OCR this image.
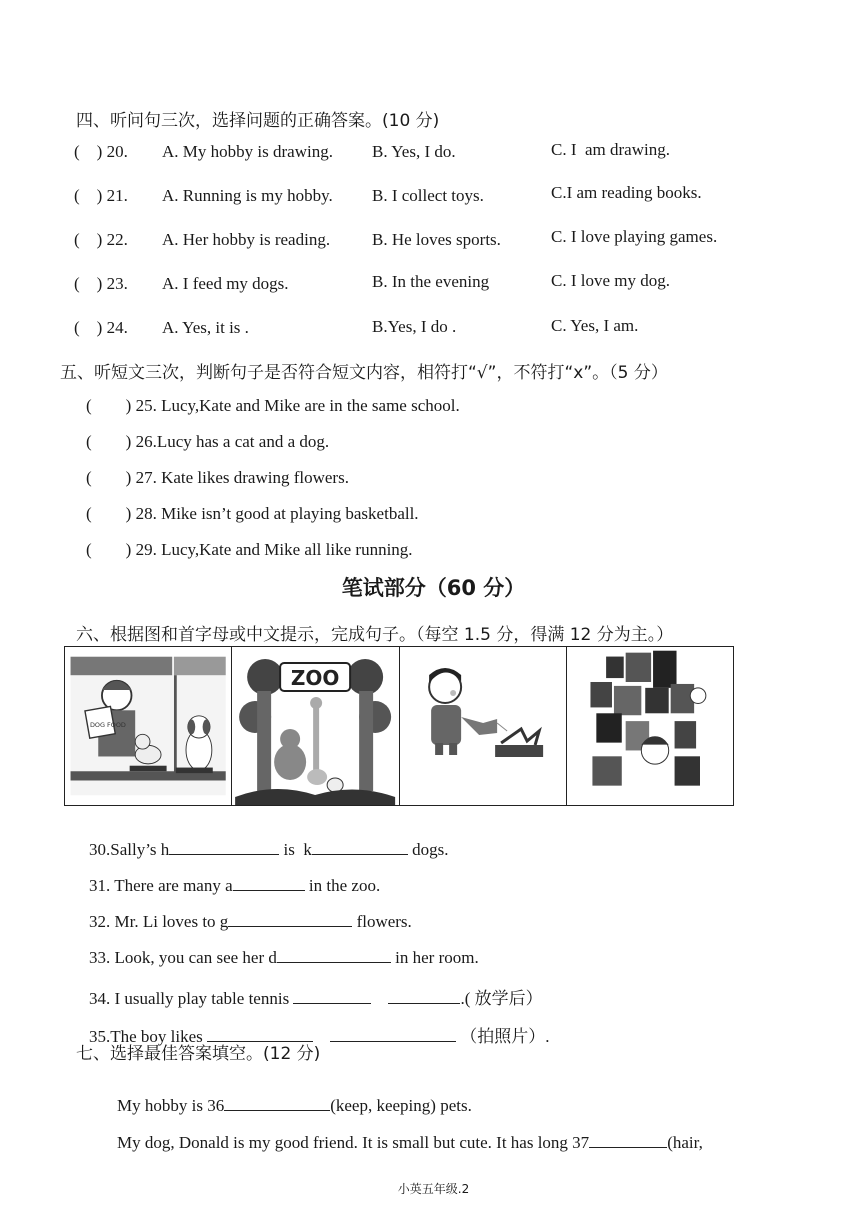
四、听问句三次，选择问题的正确答案。(10 分)
(    ) 20. A. My hobby is drawing. B. Yes, I do.	C. I  am drawing.
(    ) 21. A. Running is my hobby. B. I collect toys.	C.I am reading books.
(    ) 22. A. Her hobby is reading. B. He loves sports.	C. I love playing games.
(    ) 23. A. I feed my dogs.	B. In the evening	C. I love my dog.
(    ) 24. A. Yes, it is .	B.Yes, I do .	C. Yes, I am.
五、听短文三次，判断句子是否符合短文内容，相符打“√”，不符打“x”。（5 分）
(        ) 25. Lucy,Kate and Mike are in the same school.
(        ) 26.Lucy has a cat and a dog.
(        ) 27. Kate likes drawing flowers.
(        ) 28. Mike isn’t good at playing basketball.
(        ) 29. Lucy,Kate and Mike all like running.
笔试部分（60 分）
六、根据图和首字母或中文提示，完成句子。（每空 1.5 分，得满 12 分为主。）
DOG FOOD
ZOO

30.Sally’s h	is  k	dogs.

31. There are many a	in the zoo.

32. Mr. Li loves to g	flowers.

33. Look, you can see her d	in her room.

34. I usually play table tennis	.( 放学后）

35.The boy likes	（拍照片）.

七、选择最佳答案填空。(12 分)

My hobby is 36	(keep, keeping) pets.

My dog, Donald is my good friend. It is small but cute. It has long 37	(hair,

小英五年级.2
